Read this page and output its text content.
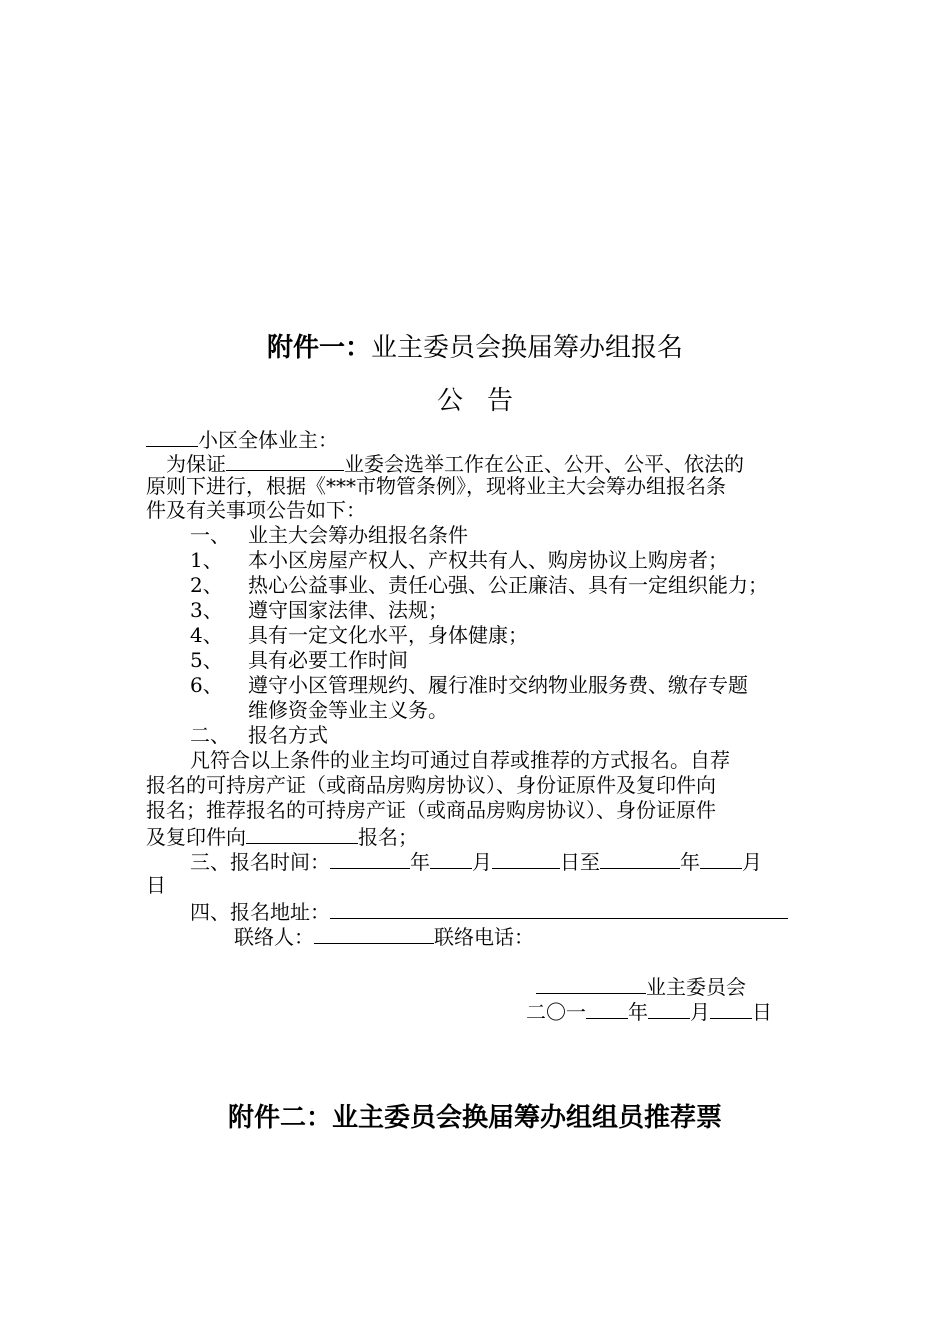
附件一：业主委员会换届筹办组报名
公告
小区全体业主：
为保证	业委会选举工作在公正、公开、公平、依法的
原则下进行，根据《***市物管条例》，现将业主大会筹办组报名条
件及有关事项公告如下：
一、 业主大会筹办组报名条件
1、 本小区房屋产权人、产权共有人、购房协议上购房者；
2、 热心公益事业、责任心强、公正廉洁、具有一定组织能力；
3、 遵守国家法律、法规；
4、 具有一定文化水平，身体健康；
5、 具有必要工作时间
6、 遵守小区管理规约、履行准时交纳物业服务费、缴存专题
维修资金等业主义务。
二、 报名方式
凡符合以上条件的业主均可通过自荐或推荐的方式报名。自荐
报名的可持房产证（或商品房购房协议）、身份证原件及复印件向
报名；推荐报名的可持房产证（或商品房购房协议）、身份证原件
及复印件向	报名；
三、报名时间：	年 月	日至	年 月
日
四、报名地址：
联络人：	联络电话：
业主委员会
二〇一 年 月 日
附件二：业主委员会换届筹办组组员推荐票
